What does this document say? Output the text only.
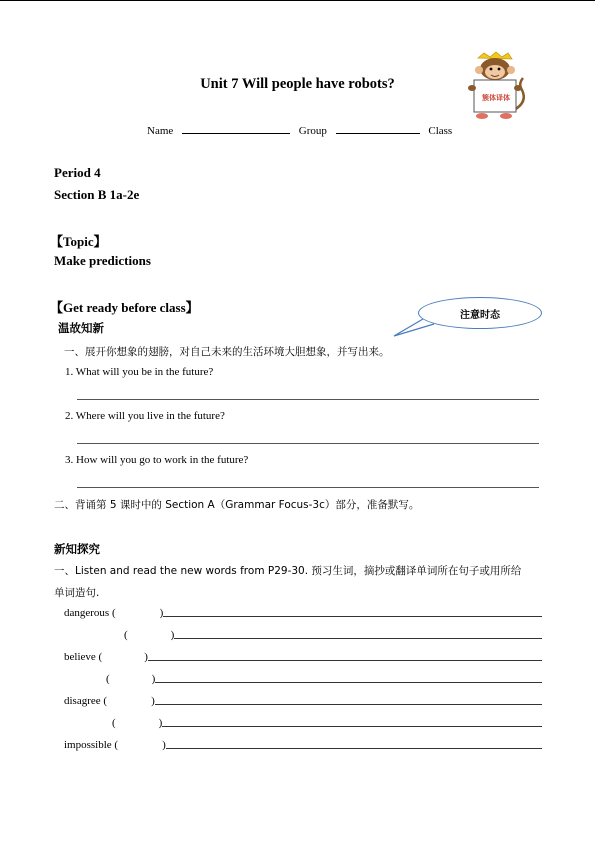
簇体译体
Unit 7 Will people have robots?
Name	Group	Class
Period 4
Section B 1a-2e
【Topic】
Make predictions
【Get ready before class】	注意时态
温故知新
一、展开你想象的翅膀，对自己未来的生活环境大胆想象，并写出来。
1. What will you be in the future?
2. Where will you live in the future?
3. How will you go to work in the future?
二、背诵第 5 课时中的 Section A（Grammar Focus-3c）部分，准备默写。
新知探究
一、Listen and read the new words from P29-30. 预习生词，摘抄或翻译单词所在句子或用所给
单词造句.
dangerous (	)
(	)
believe (	)
(	)
disagree (	)
(	)
impossible (	)
